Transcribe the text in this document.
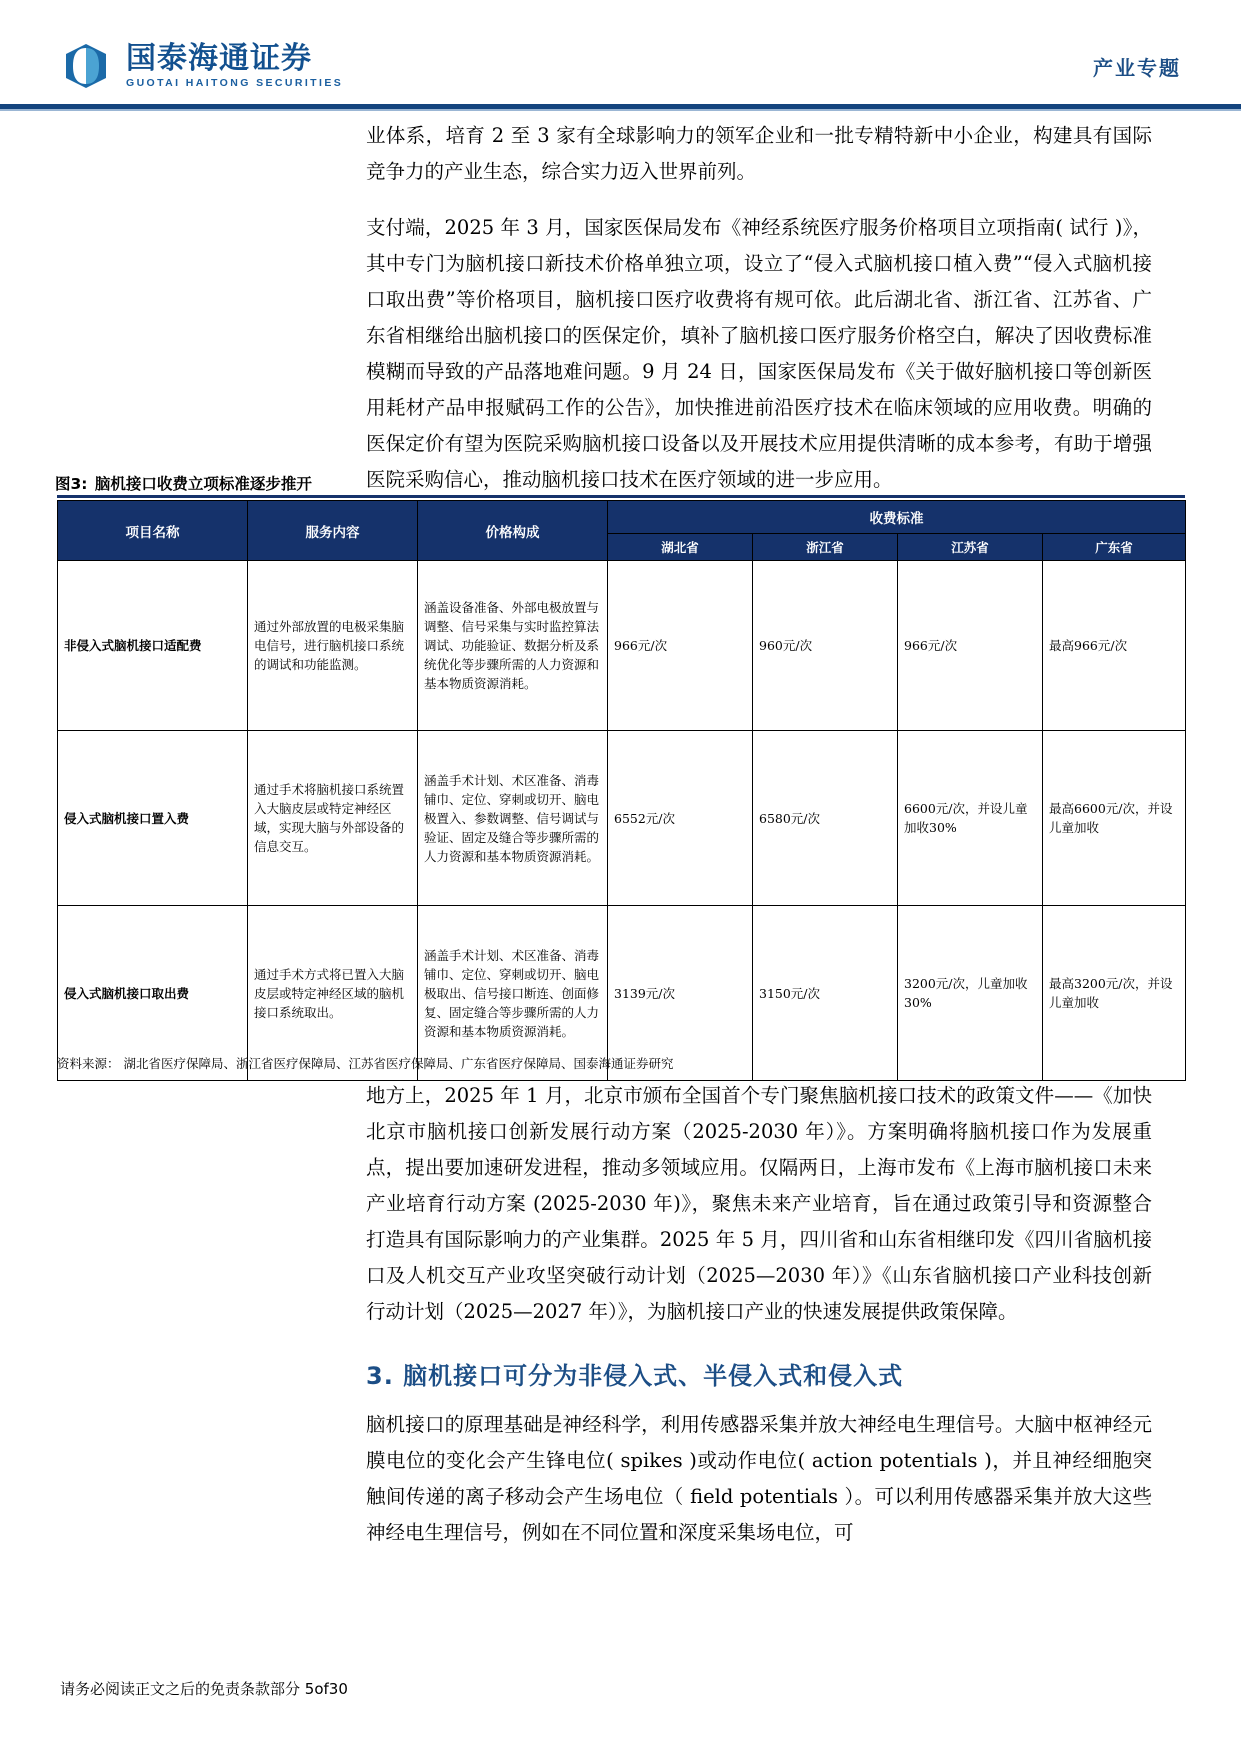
国泰海通证券
GUOTAI HAITONG SECURITIES
产业专题

业体系，培育 2 至 3 家有全球影响力的领军企业和一批专精特新中小企业，构建具有国际竞争力的产业生态，综合实力迈入世界前列。

支付端，2025 年 3 月，国家医保局发布《神经系统医疗服务价格项目立项指南( 试行 )》，其中专门为脑机接口新技术价格单独立项，设立了“侵入式脑机接口植入费”“侵入式脑机接口取出费”等价格项目，脑机接口医疗收费将有规可依。此后湖北省、浙江省、江苏省、广东省相继给出脑机接口的医保定价，填补了脑机接口医疗服务价格空白，解决了因收费标准模糊而导致的产品落地难问题。9 月 24 日，国家医保局发布《关于做好脑机接口等创新医用耗材产品申报赋码工作的公告》，加快推进前沿医疗技术在临床领域的应用收费。明确的医保定价有望为医院采购脑机接口设备以及开展技术应用提供清晰的成本参考，有助于增强医院采购信心，推动脑机接口技术在医疗领域的进一步应用。

图3: 脑机接口收费立项标准逐步推开
项目名称	服务内容	价格构成	收费标准			
			湖北省	浙江省	江苏省	广东省
非侵入式脑机接口适配费	通过外部放置的电极采集脑电信号，进行脑机接口系统的调试和功能监测。	涵盖设备准备、外部电极放置与调整、信号采集与实时监控算法调试、功能验证、数据分析及系统优化等步骤所需的人力资源和基本物质资源消耗。	966元/次	960元/次	966元/次	最高966元/次
侵入式脑机接口置入费	通过手术将脑机接口系统置入大脑皮层或特定神经区域，实现大脑与外部设备的信息交互。	涵盖手术计划、术区准备、消毒铺巾、定位、穿刺或切开、脑电极置入、参数调整、信号调试与验证、固定及缝合等步骤所需的人力资源和基本物质资源消耗。	6552元/次	6580元/次	6600元/次，并设儿童加收30%	最高6600元/次，并设儿童加收
侵入式脑机接口取出费	通过手术方式将已置入大脑皮层或特定神经区域的脑机接口系统取出。	涵盖手术计划、术区准备、消毒铺巾、定位、穿刺或切开、脑电极取出、信号接口断连、创面修复、固定缝合等步骤所需的人力资源和基本物质资源消耗。	3139元/次	3150元/次	3200元/次，儿童加收30%	最高3200元/次，并设儿童加收
资料来源： 湖北省医疗保障局、浙江省医疗保障局、江苏省医疗保障局、广东省医疗保障局、国泰海通证券研究

地方上，2025 年 1 月，北京市颁布全国首个专门聚焦脑机接口技术的政策文件——《加快北京市脑机接口创新发展行动方案（2025-2030 年）》。方案明确将脑机接口作为发展重点，提出要加速研发进程，推动多领域应用。仅隔两日，上海市发布《上海市脑机接口未来产业培育行动方案 (2025-2030 年)》，聚焦未来产业培育，旨在通过政策引导和资源整合打造具有国际影响力的产业集群。2025 年 5 月，四川省和山东省相继印发《四川省脑机接口及人机交互产业攻坚突破行动计划（2025—2030 年）》《山东省脑机接口产业科技创新行动计划（2025—2027 年）》，为脑机接口产业的快速发展提供政策保障。

3. 脑机接口可分为非侵入式、半侵入式和侵入式

脑机接口的原理基础是神经科学，利用传感器采集并放大神经电生理信号。大脑中枢神经元膜电位的变化会产生锋电位( spikes )或动作电位( action potentials )，并且神经细胞突触间传递的离子移动会产生场电位（ field potentials ）。可以利用传感器采集并放大这些神经电生理信号，例如在不同位置和深度采集场电位，可

请务必阅读正文之后的免责条款部分 5of30
